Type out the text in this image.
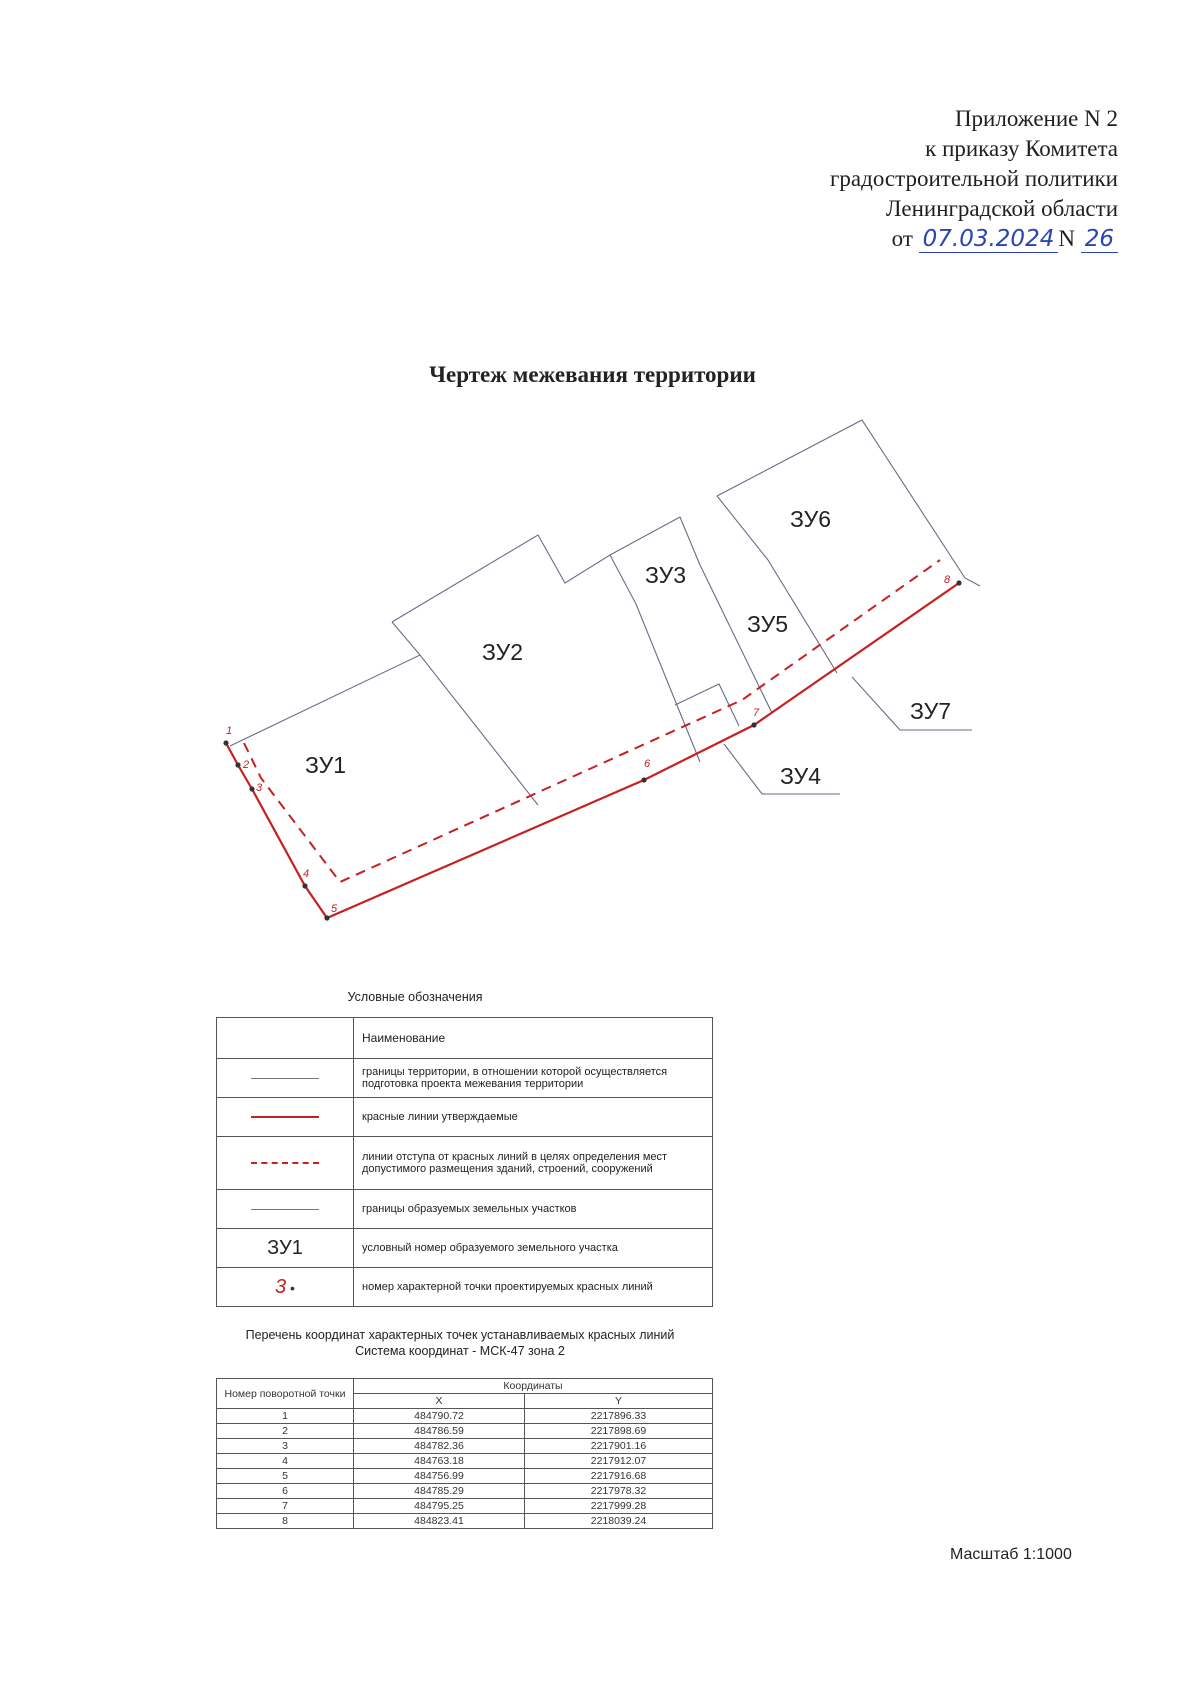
Приложение N 2
к приказу Комитета
градостроительной политики
Ленинградской области
от 07.03.2024 N 26
Чертеж межевания территории
1
2
3
4
5
6
7
8
ЗУ1
ЗУ2
ЗУ3
ЗУ4
ЗУ5
ЗУ6
ЗУ7
Условные обозначения
	Наименование
	границы территории, в отношении которой осуществляется подготовка проекта межевания территории
	красные линии утверждаемые
	линии отступа от красных линий в целях определения мест допустимого размещения зданий, строений, сооружений
	границы образуемых земельных участков
ЗУ1	условный номер образуемого земельного участка
3 •	номер характерной точки проектируемых красных линий
Перечень координат характерных точек устанавливаемых красных линий
Система координат - МСК-47 зона 2
Номер поворотной точки	Координаты	
	X	Y
1	484790.72	2217896.33
2	484786.59	2217898.69
3	484782.36	2217901.16
4	484763.18	2217912.07
5	484756.99	2217916.68
6	484785.29	2217978.32
7	484795.25	2217999.28
8	484823.41	2218039.24
Масштаб 1:1000
